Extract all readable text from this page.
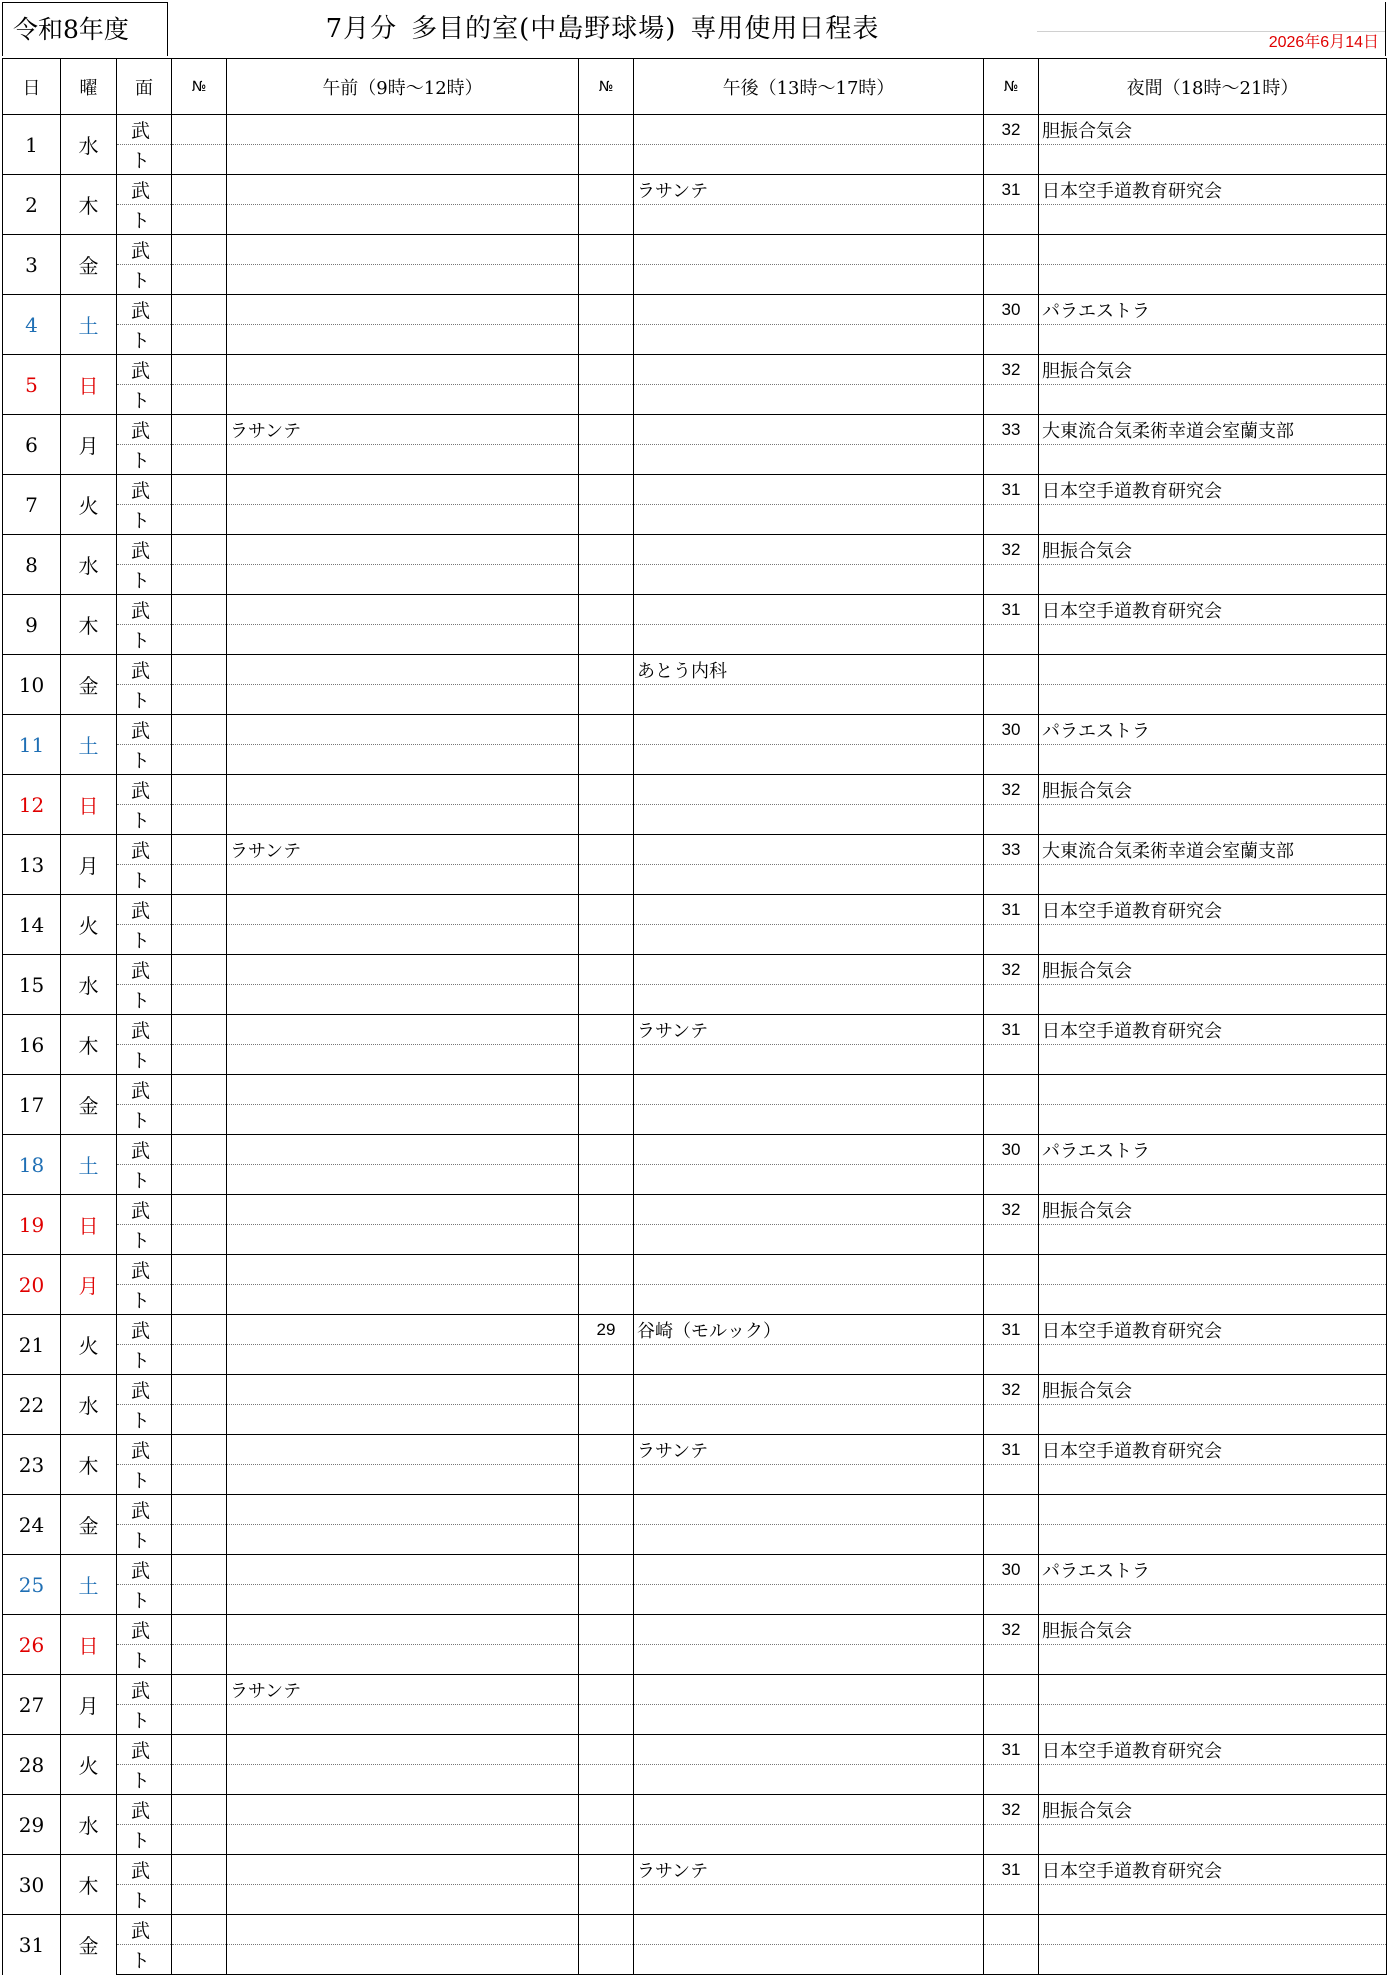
令和8年度	7月分 多目的室(中島野球場) 専用使用日程表	2026年6月14日
日	曜	面	№	午前（9時～12時）	№	午後（13時～17時）	№	夜間（18時～21時）
1	水	武					32	胆振合気会
		ト						
2	木	武				ラサンテ	31	日本空手道教育研究会
		ト						
3	金	武						
		ト						
4	土	武					30	パラエストラ
		ト						
5	日	武					32	胆振合気会
		ト						
6	月	武		ラサンテ			33	大東流合気柔術幸道会室蘭支部
		ト						
7	火	武					31	日本空手道教育研究会
		ト						
8	水	武					32	胆振合気会
		ト						
9	木	武					31	日本空手道教育研究会
		ト						
10	金	武				あとう内科		
		ト						
11	土	武					30	パラエストラ
		ト						
12	日	武					32	胆振合気会
		ト						
13	月	武		ラサンテ			33	大東流合気柔術幸道会室蘭支部
		ト						
14	火	武					31	日本空手道教育研究会
		ト						
15	水	武					32	胆振合気会
		ト						
16	木	武				ラサンテ	31	日本空手道教育研究会
		ト						
17	金	武						
		ト						
18	土	武					30	パラエストラ
		ト						
19	日	武					32	胆振合気会
		ト						
20	月	武						
		ト						
21	火	武			29	谷崎（モルック）	31	日本空手道教育研究会
		ト						
22	水	武					32	胆振合気会
		ト						
23	木	武				ラサンテ	31	日本空手道教育研究会
		ト						
24	金	武						
		ト						
25	土	武					30	パラエストラ
		ト						
26	日	武					32	胆振合気会
		ト						
27	月	武		ラサンテ				
		ト						
28	火	武					31	日本空手道教育研究会
		ト						
29	水	武					32	胆振合気会
		ト						
30	木	武				ラサンテ	31	日本空手道教育研究会
		ト						
31	金	武						
		ト						
